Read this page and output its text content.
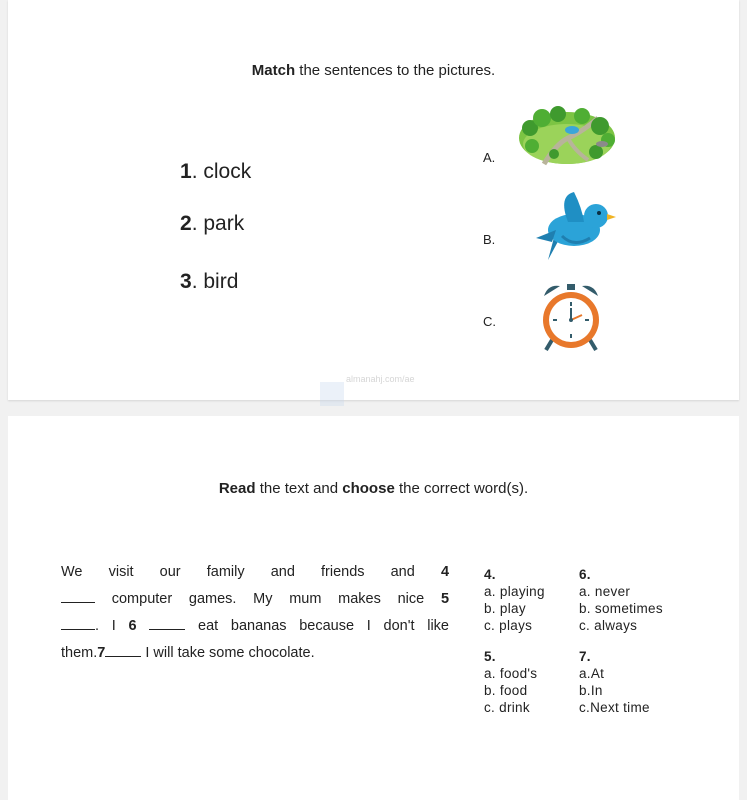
Match the sentences to the pictures.
1. clock
2. park
3. bird
A.
B.
C.
almanahj.com/ae
Read the text and choose the correct word(s).
We visit our family and friends and 4
computer games. My mum makes nice 5
. I 6	eat bananas because I don't like
them.7	I will take some chocolate.
4.
a. playing
b. play
c. plays
6.
a. never
b. sometimes
c. always
5.
a. food's
b. food
c. drink
7.
a.At
b.In
c.Next time
